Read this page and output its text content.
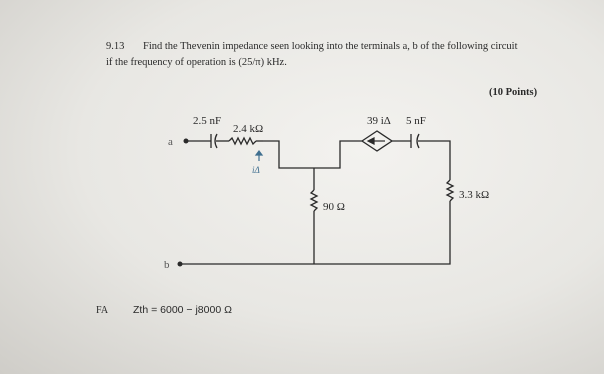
9.13 Find the Thevenin impedance seen looking into the terminals a, b of the following circuit
if the frequency of operation is (25/π) kHz.
(10 Points)
a
b
2.5 nF
2.4 kΩ
iΔ
39 iΔ 5 nF
90 Ω
3.3 kΩ
FA Zth = 6000 − j8000 Ω
